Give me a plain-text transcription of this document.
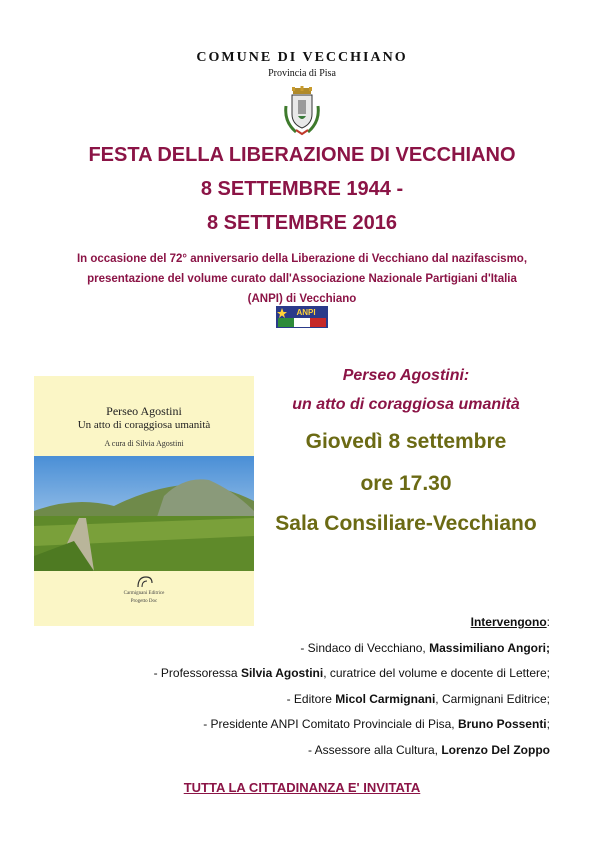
COMUNE DI VECCHIANO
Provincia di Pisa
FESTA DELLA LIBERAZIONE DI VECCHIANO
8 SETTEMBRE 1944 -
8 SETTEMBRE 2016
In occasione del 72° anniversario della Liberazione di Vecchiano dal nazifascismo,
presentazione del volume curato dall'Associazione Nazionale Partigiani d'Italia
(ANPI) di Vecchiano
ANPI
Perseo Agostini
Un atto di coraggiosa umanità
A cura di Silvia Agostini
Carmignani Editrice
Progetto Doc
Perseo Agostini:
un atto di coraggiosa umanità
Giovedì 8 settembre
ore 17.30
Sala Consiliare-Vecchiano
Intervengono:
- Sindaco di Vecchiano, Massimiliano Angori;
- Professoressa Silvia Agostini, curatrice del volume e docente di Lettere;
- Editore Micol Carmignani, Carmignani Editrice;
- Presidente ANPI Comitato Provinciale di Pisa, Bruno Possenti;
- Assessore alla Cultura, Lorenzo Del Zoppo
TUTTA LA CITTADINANZA E' INVITATA
